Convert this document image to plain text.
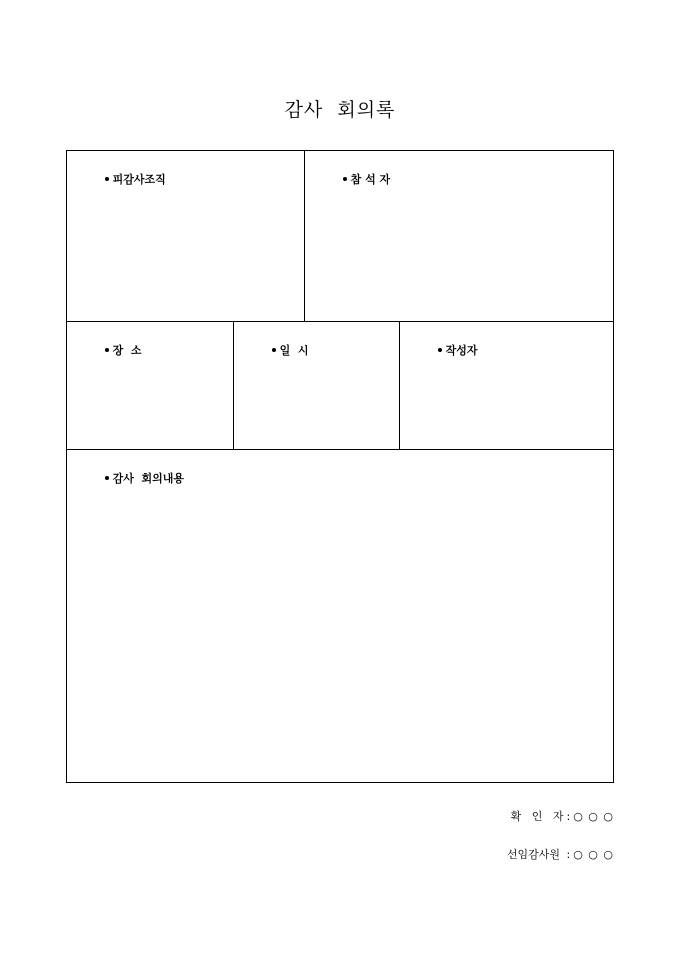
감사  회의록

피감사조직
	참 석 자

장  소
	일  시
	작성자

감사  회의내용

확   인   자 : ○ ○ ○
선임감사원 : ○ ○ ○
